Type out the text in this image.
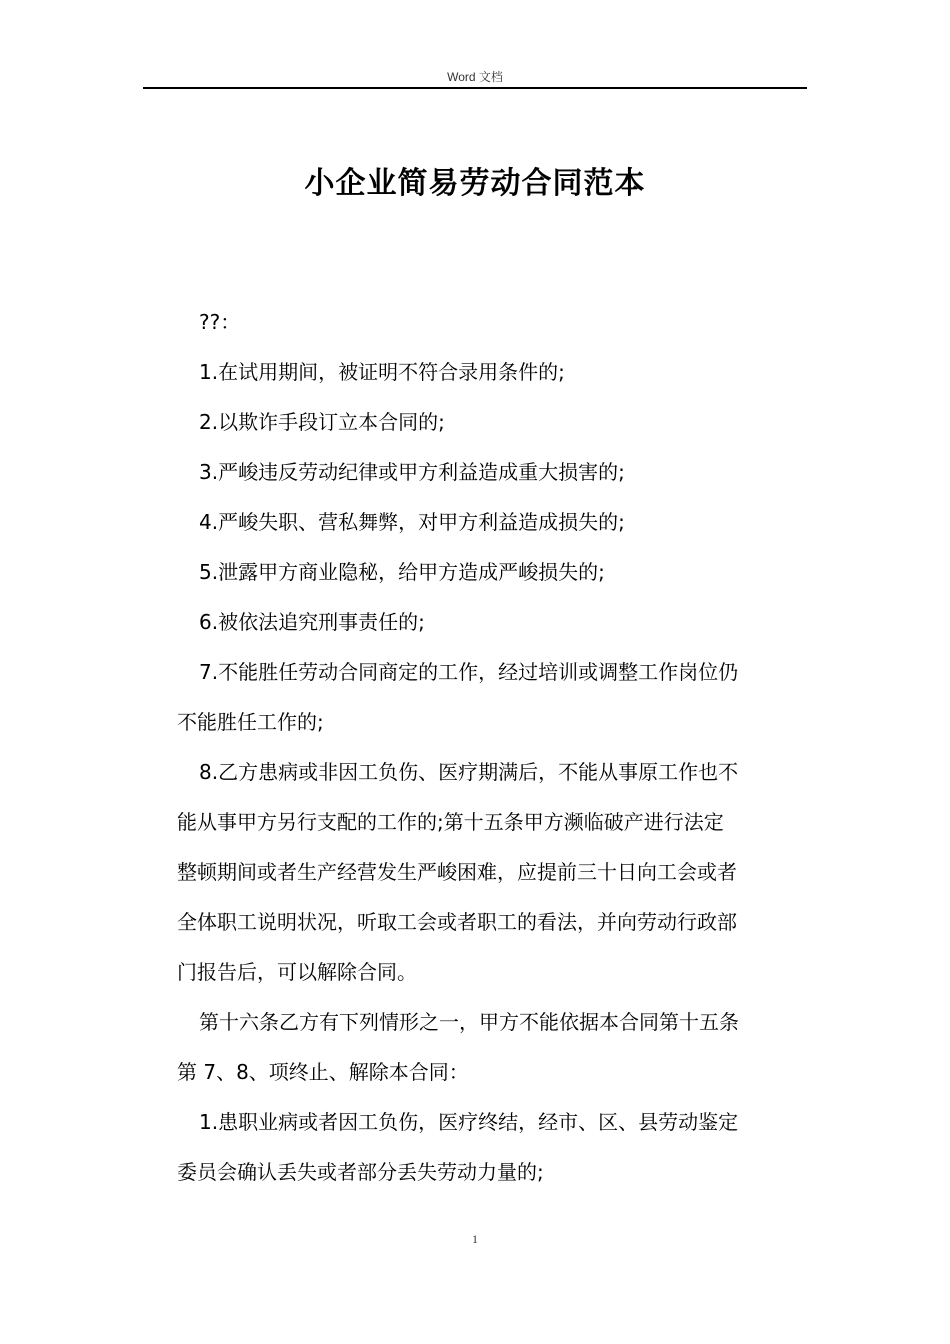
Word 文档
小企业简易劳动合同范本

??：

1.在试用期间，被证明不符合录用条件的;

2.以欺诈手段订立本合同的;

3.严峻违反劳动纪律或甲方利益造成重大损害的;

4.严峻失职、营私舞弊，对甲方利益造成损失的;

5.泄露甲方商业隐秘，给甲方造成严峻损失的;

6.被依法追究刑事责任的;

7.不能胜任劳动合同商定的工作，经过培训或调整工作岗位仍
不能胜任工作的;

8.乙方患病或非因工负伤、医疗期满后，不能从事原工作也不
能从事甲方另行支配的工作的;第十五条甲方濒临破产进行法定
整顿期间或者生产经营发生严峻困难，应提前三十日向工会或者
全体职工说明状况，听取工会或者职工的看法，并向劳动行政部
门报告后，可以解除合同。

第十六条乙方有下列情形之一，甲方不能依据本合同第十五条
第 7、8、项终止、解除本合同：

1.患职业病或者因工负伤，医疗终结，经市、区、县劳动鉴定
委员会确认丢失或者部分丢失劳动力量的;

1
